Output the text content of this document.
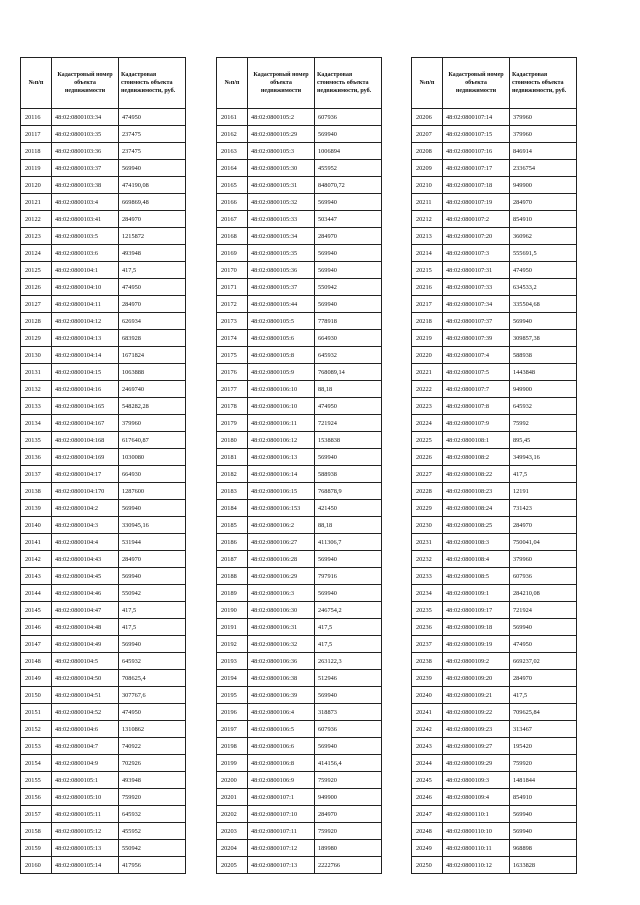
№п/п	Кадастровый номер объекта недвижимости	Кадастровая стоимость объекта недвижимости, руб.
20116	48:02:0800103:34	474950
20117	48:02:0800103:35	237475
20118	48:02:0800103:36	237475
20119	48:02:0800103:37	569940
20120	48:02:0800103:38	474190,08
20121	48:02:0800103:4	669869,48
20122	48:02:0800103:41	284970
20123	48:02:0800103:5	1215872
20124	48:02:0800103:6	493948
20125	48:02:0800104:1	417,5
20126	48:02:0800104:10	474950
20127	48:02:0800104:11	284970
20128	48:02:0800104:12	626934
20129	48:02:0800104:13	683928
20130	48:02:0800104:14	1671824
20131	48:02:0800104:15	1063888
20132	48:02:0800104:16	2469740
20133	48:02:0800104:165	548282,28
20134	48:02:0800104:167	379960
20135	48:02:0800104:168	617640,87
20136	48:02:0800104:169	1030080
20137	48:02:0800104:17	664930
20138	48:02:0800104:170	1287600
20139	48:02:0800104:2	569940
20140	48:02:0800104:3	330945,16
20141	48:02:0800104:4	531944
20142	48:02:0800104:43	284970
20143	48:02:0800104:45	569940
20144	48:02:0800104:46	550942
20145	48:02:0800104:47	417,5
20146	48:02:0800104:48	417,5
20147	48:02:0800104:49	569940
20148	48:02:0800104:5	645932
20149	48:02:0800104:50	708625,4
20150	48:02:0800104:51	307767,6
20151	48:02:0800104:52	474950
20152	48:02:0800104:6	1310862
20153	48:02:0800104:7	740922
20154	48:02:0800104:9	702926
20155	48:02:0800105:1	493948
20156	48:02:0800105:10	759920
20157	48:02:0800105:11	645932
20158	48:02:0800105:12	455952
20159	48:02:0800105:13	550942
20160	48:02:0800105:14	417956
№п/п	Кадастровый номер объекта недвижимости	Кадастровая стоимость объекта недвижимости, руб.
20161	48:02:0800105:2	607936
20162	48:02:0800105:29	569940
20163	48:02:0800105:3	1006894
20164	48:02:0800105:30	455952
20165	48:02:0800105:31	848070,72
20166	48:02:0800105:32	569940
20167	48:02:0800105:33	503447
20168	48:02:0800105:34	284970
20169	48:02:0800105:35	569940
20170	48:02:0800105:36	569940
20171	48:02:0800105:37	550942
20172	48:02:0800105:44	569940
20173	48:02:0800105:5	778918
20174	48:02:0800105:6	664930
20175	48:02:0800105:8	645932
20176	48:02:0800105:9	768089,14
20177	48:02:0800106:10	88,18
20178	48:02:0800106:10	474950
20179	48:02:0800106:11	721924
20180	48:02:0800106:12	1538838
20181	48:02:0800106:13	569940
20182	48:02:0800106:14	588938
20183	48:02:0800106:15	768878,9
20184	48:02:0800106:153	421450
20185	48:02:0800106:2	88,18
20186	48:02:0800106:27	411306,7
20187	48:02:0800106:28	569940
20188	48:02:0800106:29	797916
20189	48:02:0800106:3	569940
20190	48:02:0800106:30	246754,2
20191	48:02:0800106:31	417,5
20192	48:02:0800106:32	417,5
20193	48:02:0800106:36	263122,3
20194	48:02:0800106:38	512946
20195	48:02:0800106:39	569940
20196	48:02:0800106:4	318873
20197	48:02:0800106:5	607936
20198	48:02:0800106:6	569940
20199	48:02:0800106:8	414156,4
20200	48:02:0800106:9	759920
20201	48:02:0800107:1	949900
20202	48:02:0800107:10	284970
20203	48:02:0800107:11	759920
20204	48:02:0800107:12	189980
20205	48:02:0800107:13	2222766
№п/п	Кадастровый номер объекта недвижимости	Кадастровая стоимость объекта недвижимости, руб.
20206	48:02:0800107:14	379960
20207	48:02:0800107:15	379960
20208	48:02:0800107:16	846914
20209	48:02:0800107:17	2336754
20210	48:02:0800107:18	949900
20211	48:02:0800107:19	284970
20212	48:02:0800107:2	854910
20213	48:02:0800107:20	360962
20214	48:02:0800107:3	555691,5
20215	48:02:0800107:31	474950
20216	48:02:0800107:33	634533,2
20217	48:02:0800107:34	335504,68
20218	48:02:0800107:37	569940
20219	48:02:0800107:39	309857,38
20220	48:02:0800107:4	588938
20221	48:02:0800107:5	1443848
20222	48:02:0800107:7	949900
20223	48:02:0800107:8	645932
20224	48:02:0800107:9	75992
20225	48:02:0800108:1	895,45
20226	48:02:0800108:2	349943,16
20227	48:02:0800108:22	417,5
20228	48:02:0800108:23	12191
20229	48:02:0800108:24	731423
20230	48:02:0800108:25	284970
20231	48:02:0800108:3	750041,04
20232	48:02:0800108:4	379960
20233	48:02:0800108:5	607936
20234	48:02:0800109:1	284210,08
20235	48:02:0800109:17	721924
20236	48:02:0800109:18	569940
20237	48:02:0800109:19	474950
20238	48:02:0800109:2	669237,02
20239	48:02:0800109:20	284970
20240	48:02:0800109:21	417,5
20241	48:02:0800109:22	709625,84
20242	48:02:0800109:23	313467
20243	48:02:0800109:27	195420
20244	48:02:0800109:29	759920
20245	48:02:0800109:3	1481844
20246	48:02:0800109:4	854910
20247	48:02:0800110:1	569940
20248	48:02:0800110:10	569940
20249	48:02:0800110:11	968898
20250	48:02:0800110:12	1633828
